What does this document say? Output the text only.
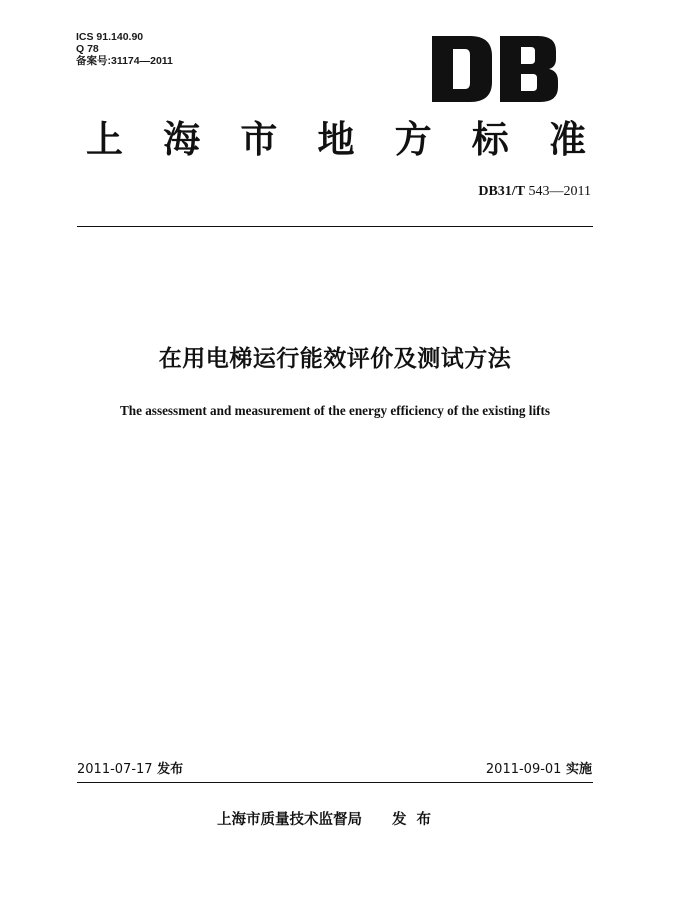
ICS 91.140.90
Q 78
备案号:31174—2011
上 海 市 地 方 标 准
DB31/T 543—2011
在用电梯运行能效评价及测试方法
The assessment and measurement of the energy efficiency of the existing lifts
2011-07-17 发布	2011-09-01 实施
上海市质量技术监督局 发布
